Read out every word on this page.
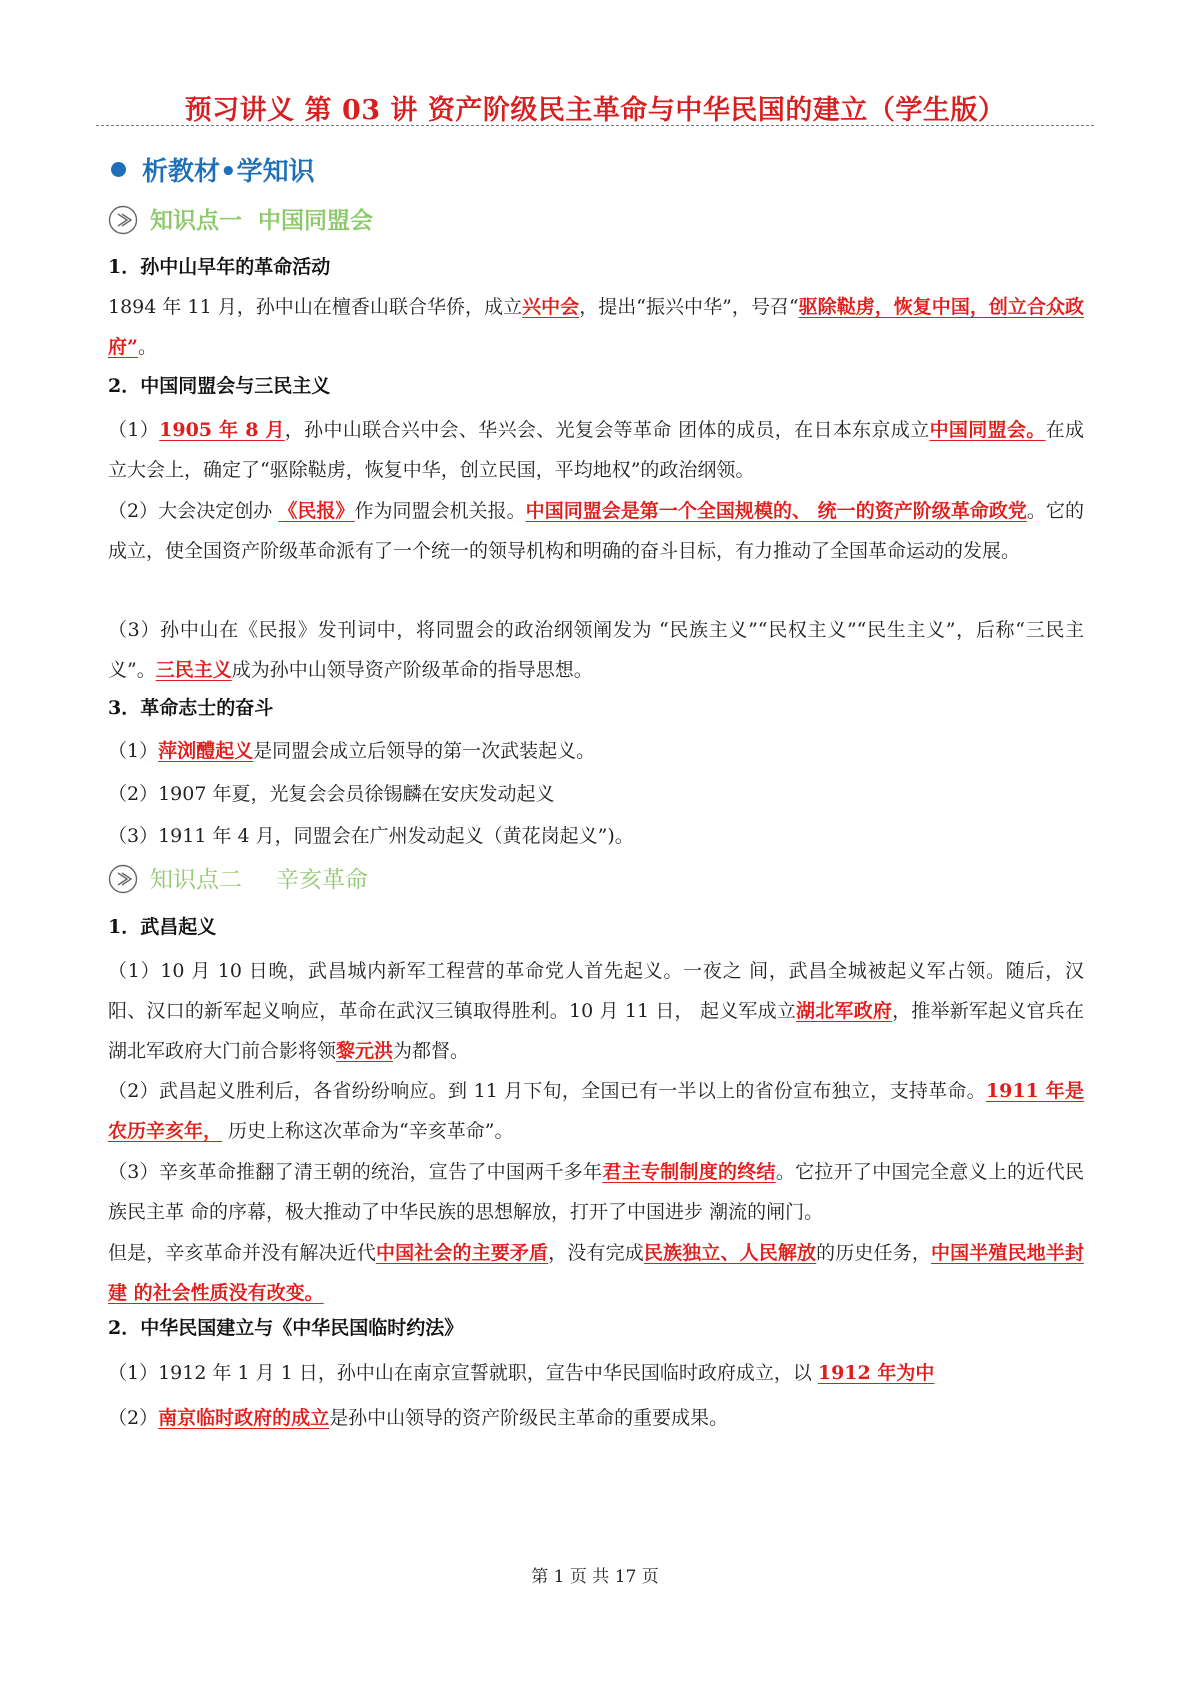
预习讲义 第 03 讲 资产阶级民主革命与中华民国的建立（学生版）
析教材•学知识
知识点一 中国同盟会
1．孙中山早年的革命活动
1894 年 11 月，孙中山在檀香山联合华侨，成立兴中会，提出“振兴中华”，号召“驱除鞑虏，恢复中国，创立合众政府”。
2．中国同盟会与三民主义
（1）1905 年 8 月，孙中山联合兴中会、华兴会、光复会等革命 团体的成员，在日本东京成立中国同盟会。在成立大会上，确定了“驱除鞑虏，恢复中华，创立民国，平均地权”的政治纲领。
（2）大会决定创办 《民报》作为同盟会机关报。中国同盟会是第一个全国规模的、 统一的资产阶级革命政党。它的成立，使全国资产阶级革命派有了一个统一的领导机构和明确的奋斗目标，有力推动了全国革命运动的发展。
（3）孙中山在《民报》发刊词中，将同盟会的政治纲领阐发为 “民族主义”“民权主义”“民生主义”，后称“三民主义”。三民主义成为孙中山领导资产阶级革命的指导思想。
3．革命志士的奋斗
（1）萍浏醴起义是同盟会成立后领导的第一次武装起义。
（2）1907 年夏，光复会会员徐锡麟在安庆发动起义
（3）1911 年 4 月，同盟会在广州发动起义（黄花岗起义”)。
知识点二 辛亥革命
1．武昌起义
（1）10 月 10 日晚，武昌城内新军工程营的革命党人首先起义。一夜之 间，武昌全城被起义军占领。随后，汉阳、汉口的新军起义响应，革命在武汉三镇取得胜利。10 月 11 日， 起义军成立湖北军政府，推举新军起义官兵在湖北军政府大门前合影将领黎元洪为都督。
（2）武昌起义胜利后，各省纷纷响应。到 11 月下旬，全国已有一半以上的省份宣布独立，支持革命。1911 年是农历辛亥年， 历史上称这次革命为“辛亥革命”。
（3）辛亥革命推翻了清王朝的统治，宣告了中国两千多年君主专制制度的终结。它拉开了中国完全意义上的近代民族民主革 命的序幕，极大推动了中华民族的思想解放，打开了中国进步 潮流的闸门。
但是，辛亥革命并没有解决近代中国社会的主要矛盾，没有完成民族独立、人民解放的历史任务，中国半殖民地半封建 的社会性质没有改变。
2．中华民国建立与《中华民国临时约法》
（1）1912 年 1 月 1 日，孙中山在南京宣誓就职，宣告中华民国临时政府成立，以 1912 年为中
（2）南京临时政府的成立是孙中山领导的资产阶级民主革命的重要成果。
第 1 页 共 17 页
